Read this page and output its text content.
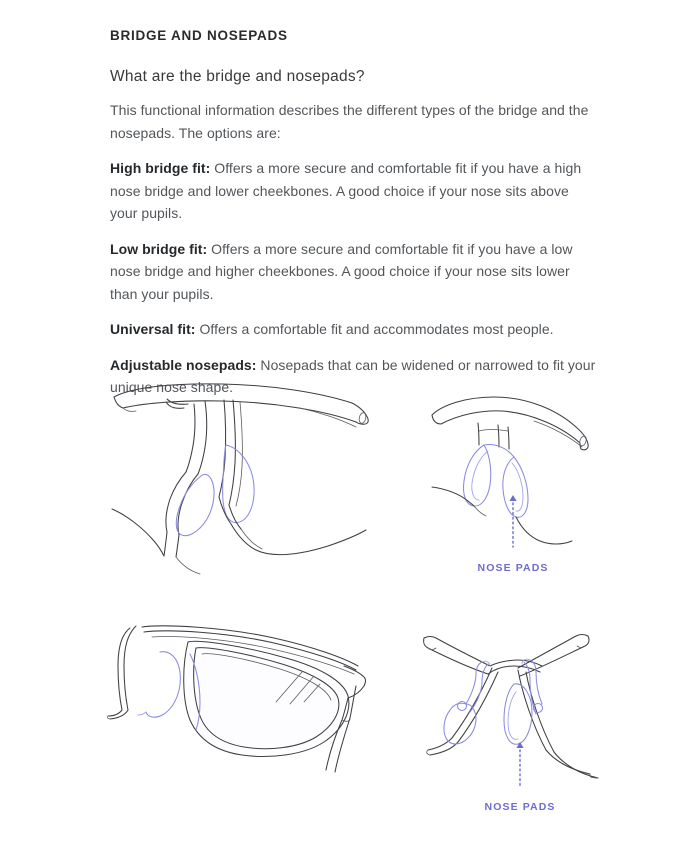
BRIDGE AND NOSEPADS
What are the bridge and nosepads?

This functional information describes the different types of the bridge and the nosepads. The options are:

High bridge fit: Offers a more secure and comfortable fit if you have a high nose bridge and lower cheekbones. A good choice if your nose sits above your pupils.

Low bridge fit: Offers a more secure and comfortable fit if you have a low nose bridge and higher cheekbones. A good choice if your nose sits lower than your pupils.

Universal fit: Offers a comfortable fit and accommodates most people.

Adjustable nosepads: Nosepads that can be widened or narrowed to fit your unique nose shape.

NOSE PADS
NOSE PADS
